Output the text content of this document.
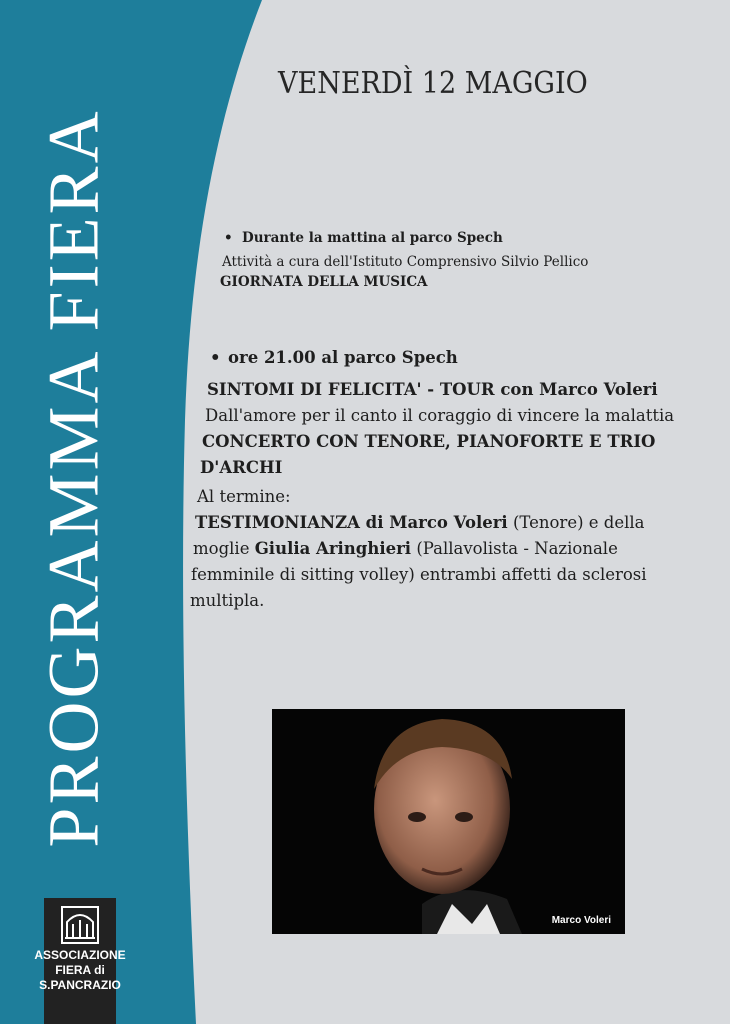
PROGRAMMA FIERA
ASSOCIAZIONE
FIERA di
S.PANCRAZIO
VENERDÌ 12 MAGGIO
• Durante la mattina al parco Spech
Attività a cura dell'Istituto Comprensivo Silvio Pellico
GIORNATA DELLA MUSICA
• ore 21.00 al parco Spech
SINTOMI DI FELICITA' - TOUR con Marco Voleri
Dall'amore per il canto il coraggio di vincere la malattia
CONCERTO CON TENORE, PIANOFORTE E TRIO
D'ARCHI
Al termine:
TESTIMONIANZA di Marco Voleri (Tenore) e della
moglie Giulia Aringhieri (Pallavolista - Nazionale
femminile di sitting volley) entrambi affetti da sclerosi
multipla.
Marco Voleri
